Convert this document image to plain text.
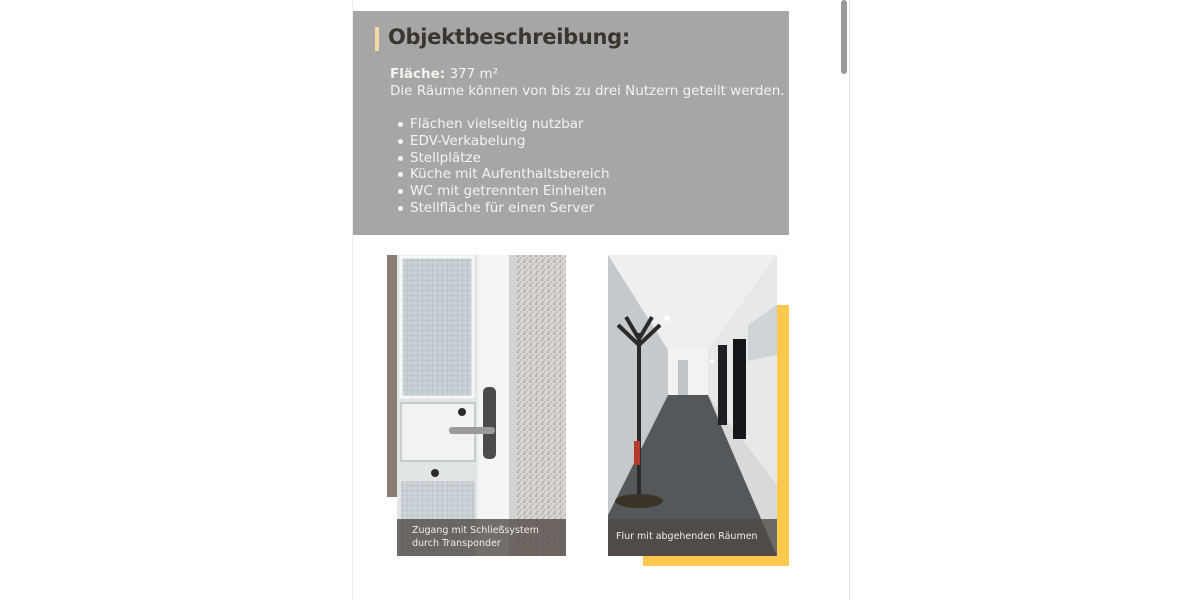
Objektbeschreibung:
Fläche: 377 m²
Die Räume können von bis zu drei Nutzern geteilt werden.
Flächen vielseitig nutzbar
EDV-Verkabelung
Stellplätze
Küche mit Aufenthaltsbereich
WC mit getrennten Einheiten
Stellfläche für einen Server
Zugang mit Schließsystem durch Transponder
Flur mit abgehenden Räumen
